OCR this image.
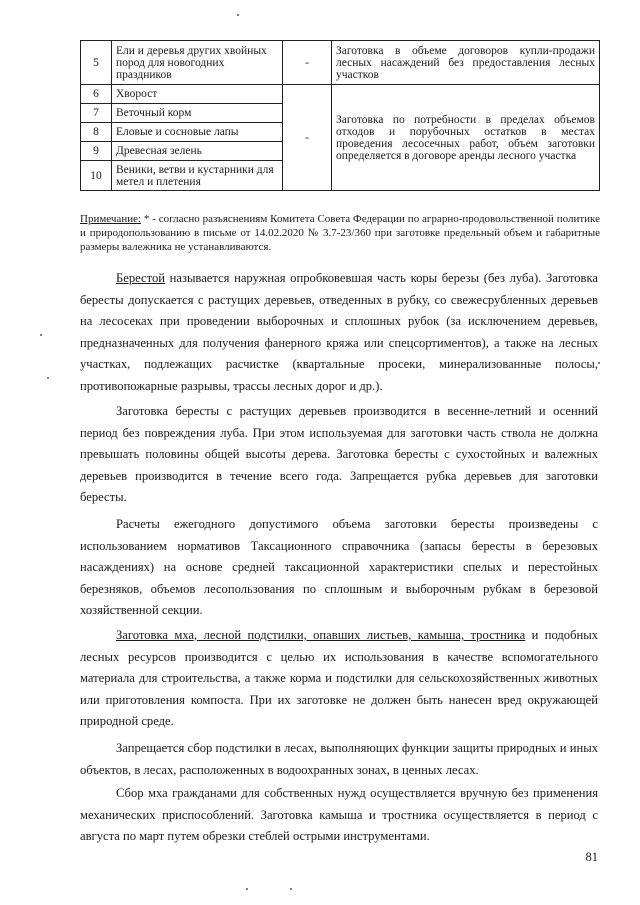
5	Ели и деревья других хвойных пород для новогодних праздников	-	Заготовка в объеме договоров купли-продажи лесных насаждений без предоставления лесных участков
6	Хворост	-	Заготовка по потребности в пределах объемов отходов и порубочных остатков в местах проведения лесосечных работ, объем заготовки определяется в договоре аренды лесного участка
7	Веточный корм		
8	Еловые и сосновые лапы		
9	Древесная зелень		
10	Веники, ветви и кустарники для метел и плетения		
Примечание: * - согласно разъяснениям Комитета Совета Федерации по аграрно-продовольственной политике и природопользованию в письме от 14.02.2020 № 3.7-23/360 при заготовке предельный объем и габаритные размеры валежника не устанавливаются.

Берестой называется наружная опробковевшая часть коры березы (без луба). Заготовка бересты допускается с растущих деревьев, отведенных в рубку, со свежесрубленных деревьев на лесосеках при проведении выборочных и сплошных рубок (за исключением деревьев, предназначенных для получения фанерного кряжа или спецсортиментов), а также на лесных участках, подлежащих расчистке (квартальные просеки, минерализованные полосы, противопожарные разрывы, трассы лесных дорог и др.).

Заготовка бересты с растущих деревьев производится в весенне-летний и осенний период без повреждения луба. При этом используемая для заготовки часть ствола не должна превышать половины общей высоты дерева. Заготовка бересты с сухостойных и валежных деревьев производится в течение всего года. Запрещается рубка деревьев для заготовки бересты.

Расчеты ежегодного допустимого объема заготовки бересты произведены с использованием нормативов Таксационного справочника (запасы бересты в березовых насаждениях) на основе средней таксационной характеристики спелых и перестойных березняков, объемов лесопользования по сплошным и выборочным рубкам в березовой хозяйственной секции.

Заготовка мха, лесной подстилки, опавших листьев, камыша, тростника и подобных лесных ресурсов производится с целью их использования в качестве вспомогательного материала для строительства, а также корма и подстилки для сельскохозяйственных животных или приготовления компоста. При их заготовке не должен быть нанесен вред окружающей природной среде.

Запрещается сбор подстилки в лесах, выполняющих функции защиты природных и иных объектов, в лесах, расположенных в водоохранных зонах, в ценных лесах.

Сбор мха гражданами для собственных нужд осуществляется вручную без применения механических приспособлений. Заготовка камыша и тростника осуществляется в период с августа по март путем обрезки стеблей острыми инструментами.

81
